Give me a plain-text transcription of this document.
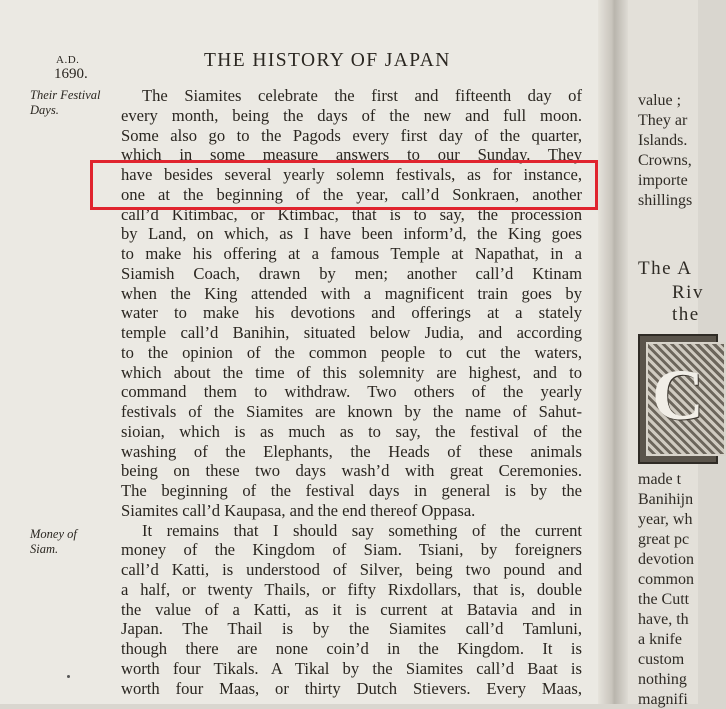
A.D.
1690.
THE HISTORY OF JAPAN
Their Festival
Days.
Money of
Siam.
The Siamites celebrate the first and fifteenth day of
every month, being the days of the new and full moon.
Some also go to the Pagods every first day of the quarter,
which in some measure answers to our Sunday. They
have besides several yearly solemn festivals, as for instance,
one at the beginning of the year, call’d Sonkraen, another
call’d Kitimbac, or Ktimbac, that is to say, the procession
by Land, on which, as I have been inform’d, the King goes
to make his offering at a famous Temple at Napathat, in a
Siamish Coach, drawn by men; another call’d Ktinam
when the King attended with a magnificent train goes by
water to make his devotions and offerings at a stately
temple call’d Banihin, situated below Judia, and according
to the opinion of the common people to cut the waters,
which about the time of this solemnity are highest, and to
command them to withdraw. Two others of the yearly
festivals of the Siamites are known by the name of Sahut-
sioian, which is as much as to say, the festival of the
washing of the Elephants, the Heads of these animals
being on these two days wash’d with great Ceremonies.
The beginning of the festival days in general is by the
Siamites call’d Kaupasa, and the end thereof Oppasa.
It remains that I should say something of the current
money of the Kingdom of Siam. Tsiani, by foreigners
call’d Katti, is understood of Silver, being two pound and
a half, or twenty Thails, or fifty Rixdollars, that is, double
the value of a Katti, as it is current at Batavia and in
Japan. The Thail is by the Siamites call’d Tamluni,
though there are none coin’d in the Kingdom. It is
worth four Tikals. A Tikal by the Siamites call’d Baat is
worth four Maas, or thirty Dutch Stievers. Every Maas,
value ;
They ar
Islands.
Crowns,
importe
shillings
The A
Riv
the
C
made t
Banihijn
year, wh
great pc
devotion
common
the Cutt
have, th
a knife
custom
nothing
magnifi
